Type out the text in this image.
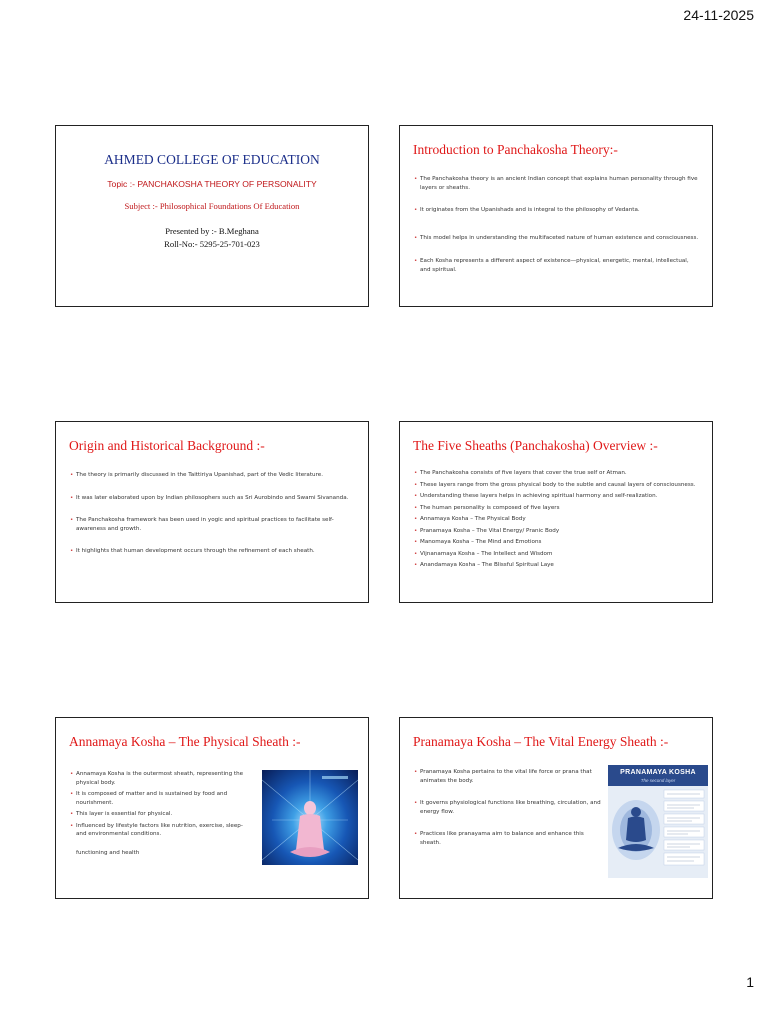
24-11-2025
AHMED COLLEGE OF EDUCATION
Topic :- PANCHAKOSHA THEORY OF PERSONALITY
Subject :- Philosophical Foundations Of Education
Presented by :- B.Meghana
Roll-No:- 5295-25-701-023
Introduction to Panchakosha Theory:-
• The Panchakosha theory is an ancient Indian concept that explains human personality through five layers or sheaths.
• It originates from the Upanishads and is integral to the philosophy of Vedanta.
• This model helps in understanding the multifaceted nature of human existence and consciousness.
• Each Kosha represents a different aspect of existence—physical, energetic, mental, intellectual, and spiritual.
Origin and Historical Background :-
• The theory is primarily discussed in the Taittiriya Upanishad, part of the Vedic literature.
• It was later elaborated upon by Indian philosophers such as Sri Aurobindo and Swami Sivananda.
• The Panchakosha framework has been used in yogic and spiritual practices to facilitate self-awareness and growth.
• It highlights that human development occurs through the refinement of each sheath.
The Five Sheaths (Panchakosha) Overview :-
• The Panchakosha consists of five layers that cover the true self or Atman.
• These layers range from the gross physical body to the subtle and causal layers of consciousness.
• Understanding these layers helps in achieving spiritual harmony and self-realization.
• The human personality is composed of five layers
• Annamaya Kosha – The Physical Body
• Pranamaya Kosha – The Vital Energy/ Pranic Body
• Manomaya Kosha – The Mind and Emotions
• Vijnanamaya Kosha – The Intellect and Wisdom
• Anandamaya Kosha – The Blissful Spiritual Laye
Annamaya Kosha – The Physical Sheath :-
• Annamaya Kosha is the outermost sheath, representing the physical body.
• It is composed of matter and is sustained by food and nourishment.
• This layer is essential for physical.
• Influenced by lifestyle factors like nutrition, exercise, sleep-and environmental conditions.
functioning and health
Pranamaya Kosha – The Vital Energy Sheath :-
• Pranamaya Kosha pertains to the vital life force or prana that animates the body.
• It governs physiological functions like breathing, circulation, and energy flow.
• Practices like pranayama aim to balance and enhance this sheath.
PRANAMAYA KOSHA
The second layer
1
